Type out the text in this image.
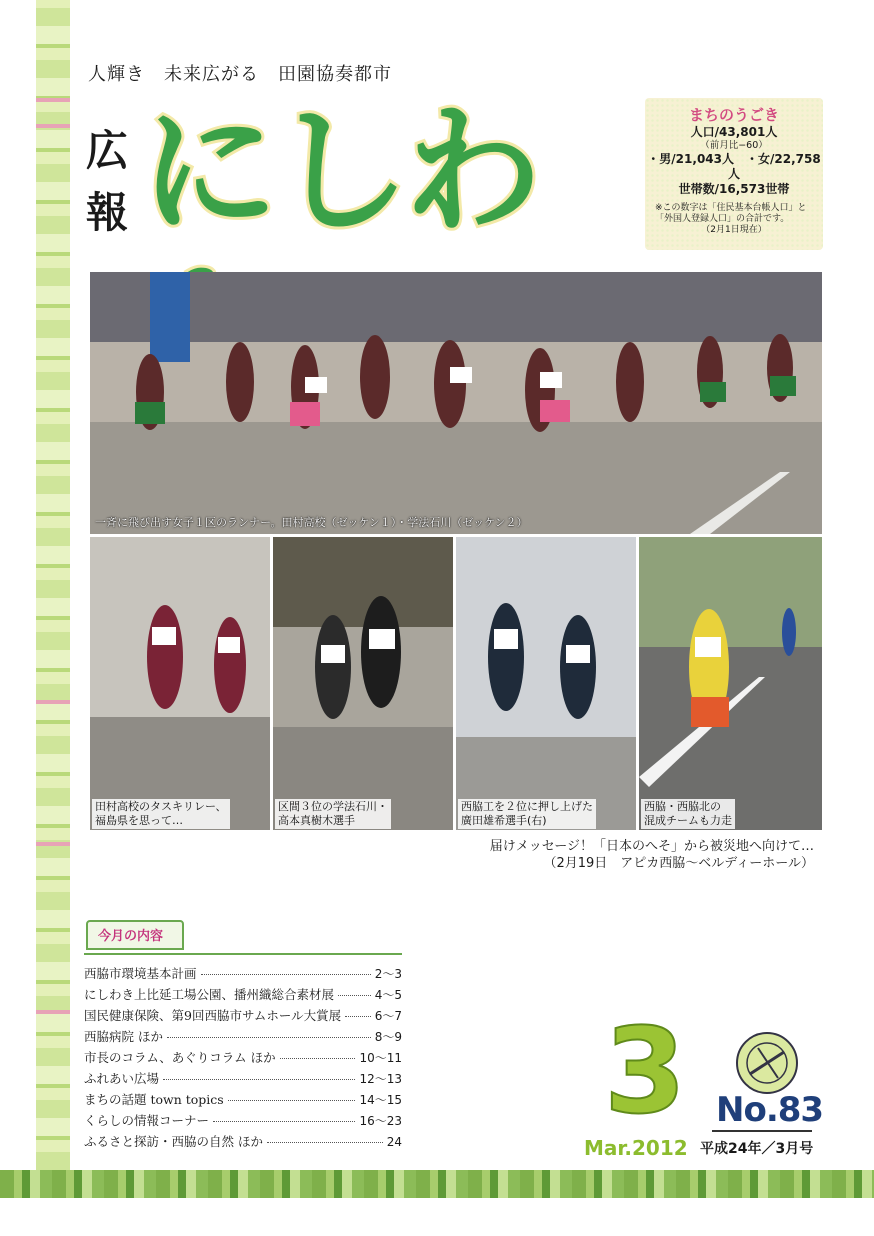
人輝き　未来広がる　田園協奏都市
広
報 にしわ	まちのうごき
人口/43,801人
（前月比−60）
・男/21,043人　・女/22,758人
世帯数/16,573世帯
※この数字は「住民基本台帳人口」と
「外国人登録人口」の合計です。
（2月1日現在）
一斉に飛び出す女子１区のランナー。田村高校（ゼッケン１）・学法石川（ゼッケン２）
田村高校のタスキリレー、
福島県を思って…
区間３位の学法石川・
高本真樹木選手
西脇工を２位に押し上げた
廣田雄希選手(右)
西脇・西脇北の
混成チームも力走
届けメッセージ！「日本のへそ」から被災地へ向けて…
（2月19日　アピカ西脇〜ベルディーホール）
今月の内容
西脇市環境基本計画	2〜3
にしわき上比延工場公園、播州織総合素材展	4〜5
国民健康保険、第9回西脇市サムホール大賞展	6〜7
西脇病院 ほか	8〜9
市長のコラム、あぐりコラム ほか	10〜11
ふれあい広場	12〜13
まちの話題 town topics	14〜15
くらしの情報コーナー	16〜23
ふるさと探訪・西脇の自然 ほか	24
3
Mar.2012
No.83
平成24年／3月号
